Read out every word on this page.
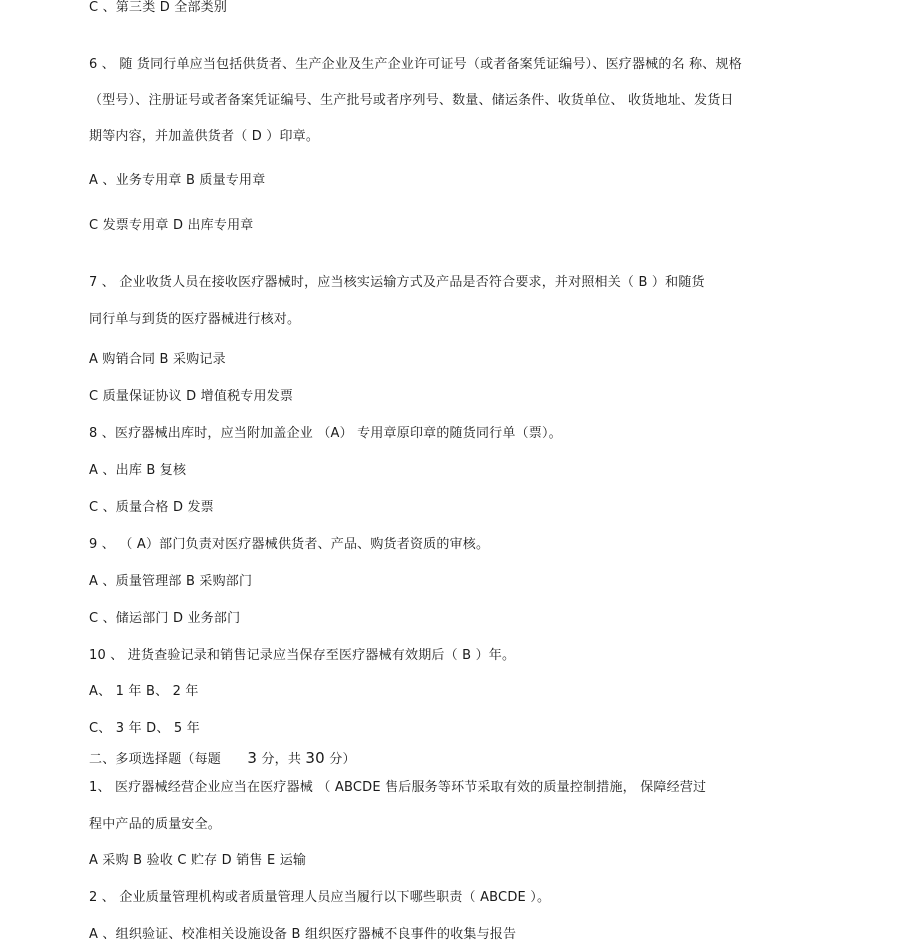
C 、第三类 D 全部类别
6 、 随 货同行单应当包括供货者、生产企业及生产企业许可证号（或者备案凭证编号）、医疗器械的名 称、规格
（型号）、注册证号或者备案凭证编号、生产批号或者序列号、数量、储运条件、收货单位、 收货地址、发货日
期等内容，并加盖供货者（ D ）印章。
A 、业务专用章 B 质量专用章
C 发票专用章 D 出库专用章
7 、 企业收货人员在接收医疗器械时，应当核实运输方式及产品是否符合要求，并对照相关（ B ）和随货
同行单与到货的医疗器械进行核对。
A 购销合同 B 采购记录
C 质量保证协议 D 增值税专用发票
8 、医疗器械出库时，应当附加盖企业 （A） 专用章原印章的随货同行单（票）。
A 、出库 B 复核
C 、质量合格 D 发票
9 、 （ A）部门负责对医疗器械供货者、产品、购货者资质的审核。
A 、质量管理部 B 采购部门
C 、储运部门 D 业务部门
10 、 进货查验记录和销售记录应当保存至医疗器械有效期后（ B ）年。
A、 1 年 B、 2 年
C、 3 年 D、 5 年
二、多项选择题（每题 3 分，共 30 分）
1、 医疗器械经营企业应当在医疗器械 （ ABCDE 售后服务等环节采取有效的质量控制措施， 保障经营过
程中产品的质量安全。
A 采购 B 验收 C 贮存 D 销售 E 运输
2 、 企业质量管理机构或者质量管理人员应当履行以下哪些职责（ ABCDE ）。
A 、组织验证、校准相关设施设备 B 组织医疗器械不良事件的收集与报告
